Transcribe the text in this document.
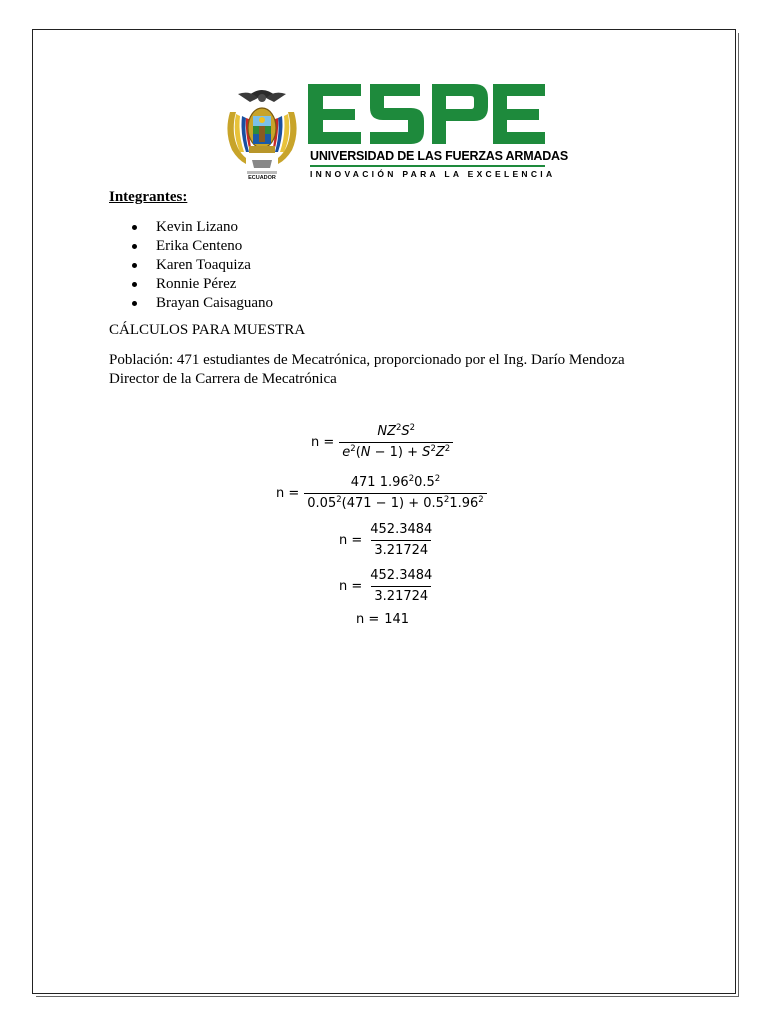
ECUADOR
UNIVERSIDAD DE LAS FUERZAS ARMADAS
INNOVACIÓN PARA LA EXCELENCIA
Integrantes:
Kevin Lizano
Erika Centeno
Karen Toaquiza
Ronnie Pérez
Brayan Caisaguano
CÁLCULOS PARA MUESTRA
Población: 471 estudiantes de Mecatrónica, proporcionado por el Ing. Darío Mendoza Director de la Carrera de Mecatrónica
$n = \frac{NZ^2S^2}{e^2(N - 1) + S^2Z^2}$
$n = \frac{471 1.96^20.5^2}{0.05^2(471 - 1) + 0.5^21.96^2}$
$n = \frac{452.3484}{3.21724}$
$n = \frac{452.3484}{3.21724}$
n = 141
